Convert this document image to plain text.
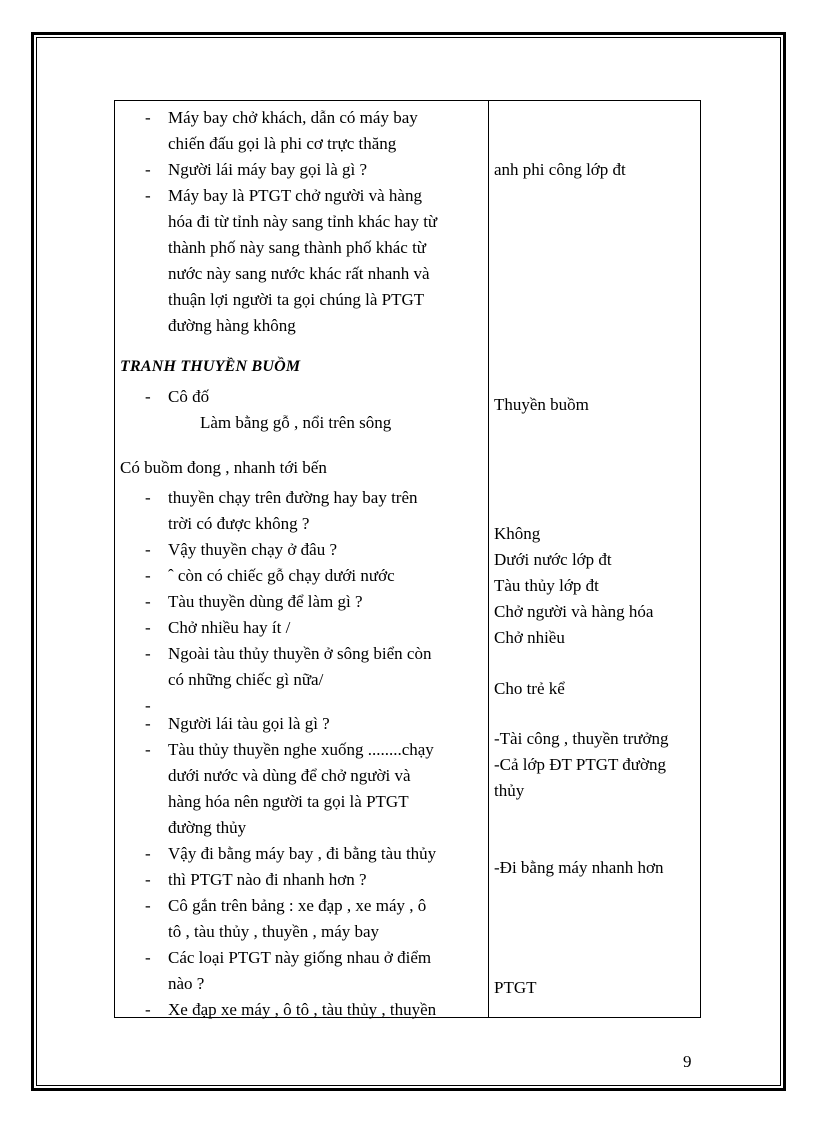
- Máy bay chở khách, dẫn có máy bay
chiến đấu gọi là phi cơ trực thăng
- Người lái máy bay gọi là gì ?
- Máy bay là PTGT chở người và hàng
hóa đi từ tỉnh này sang tỉnh khác hay từ
thành phố này sang thành phố khác từ
nước này sang nước khác rất nhanh và
thuận lợi người ta gọi chúng là PTGT
đường hàng không
TRANH THUYỀN BUỒM
- Cô đố
Làm bằng gỗ , nổi trên sông
Có buồm đong , nhanh tới bến
- thuyền chạy trên đường hay bay trên
trời có được không ?
- Vậy thuyền chạy ở đâu ?
- ˆ còn có chiếc gỗ chạy dưới nước
- Tàu thuyền dùng để làm gì ?
- Chở nhiều hay ít /
- Ngoài tàu thủy thuyền ở sông biển còn
có những chiếc gì nữa/
-
- Người lái tàu gọi là gì ?
- Tàu thủy thuyền nghe xuống ........chạy
dưới nước và dùng để chở người và
hàng hóa nên người ta gọi là PTGT
đường thủy
- Vậy đi bằng máy bay , đi bằng tàu thủy
- thì PTGT nào đi nhanh hơn ?
- Cô gắn trên bảng : xe đạp , xe máy , ô
tô , tàu thủy , thuyền , máy bay
- Các loại PTGT này giống nhau ở điểm
nào ?
- Xe đạp xe máy , ô tô , tàu thủy , thuyền
anh phi công lớp đt
Thuyền buồm
Không
Dưới nước lớp đt
Tàu thủy lớp đt
Chở người và hàng hóa
Chở nhiều
Cho trẻ kể
-Tài công , thuyền trưởng
-Cả lớp ĐT PTGT đường
thủy
-Đi bằng máy nhanh hơn
PTGT
9
